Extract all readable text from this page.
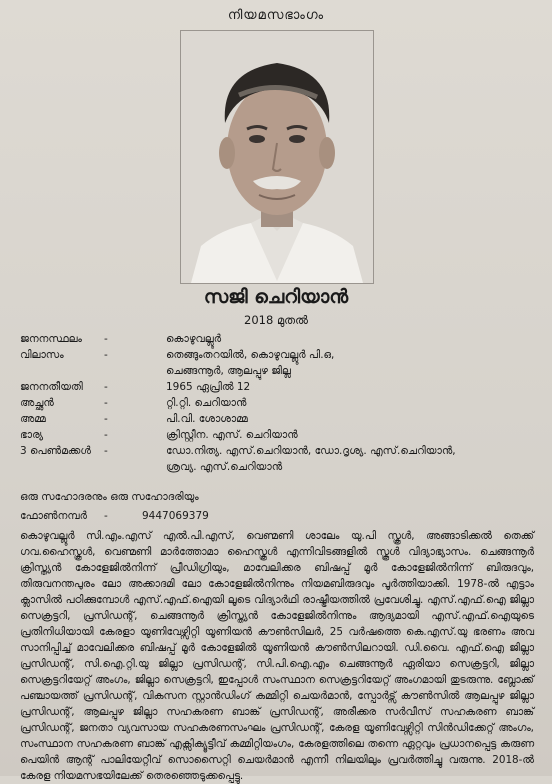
നിയമസഭാംഗം
സജി ചെറിയാൻ
2018 മുതൽ
ജനനസ്ഥലം -	കൊഴുവല്ലൂർ
വിലാസം	-	തെങ്ങുംതറയിൽ, കൊഴുവല്ലൂർ പി.ഒ,
ചെങ്ങന്നൂർ, ആലപ്പുഴ ജില്ല
ജനനതീയതി -	1965 ഏപ്രിൽ 12
അച്ഛൻ	-	റ്റി.റ്റി. ചെറിയാൻ
അമ്മ	-	പി.വി. ശോശാമ്മ
ഭാര്യ	-	ക്രിസ്റ്റീന. എസ്. ചെറിയാൻ
3 പെൺമക്കൾ -	ഡോ.നിത്യ. എസ്.ചെറിയാൻ, ഡോ.ദൃശ്യ. എസ്.ചെറിയാൻ,
ശ്രവ്യ. എസ്.ചെറിയാൻ
ഒരു സഹോദരനും ഒരു സഹോദരിയും
ഫോൺനമ്പർ -	9447069379
കൊഴുവല്ലൂർ സി.എം.എസ് എൽ.പി.എസ്, വെണ്മണി ശാലേം യു.പി സ്കൂൾ, അങ്ങാടിക്കൽ തെക്ക് ഗവ.ഹൈസ്കൂൾ, വെണ്മണി മാർത്തോമാ ഹൈസ്കൂൾ എന്നിവിടങ്ങളിൽ സ്കൂൾ വിദ്യാഭ്യാസം. ചെങ്ങന്നൂർ ക്രിസ്ത്യൻ കോളേജിൽനിന്ന് പ്രീഡിഗ്രിയും, മാവേലിക്കര ബിഷപ്പ് മൂർ കോളേജിൽനിന്ന് ബിരുദവും, തിരുവനന്തപുരം ലോ അക്കാദമി ലോ കോളേജിൽനിന്നും നിയമബിരുദവും പൂർത്തിയാക്കി. 1978-ൽ എട്ടാം ക്ലാസിൽ പഠിക്കുമ്പോൾ എസ്.എഫ്.ഐയി ലൂടെ വിദ്യാർഥി രാഷ്ട്രീയത്തിൽ പ്രവേശിച്ചു. എസ്.എഫ്.ഐ ജില്ലാ സെക്രട്ടറി, പ്രസിഡന്റ്, ചെങ്ങന്നൂർ ക്രിസ്ത്യൻ കോളേജിൽനിന്നും ആദ്യമായി എസ്.എഫ്.ഐയുടെ പ്രതിനിധിയായി കേരളാ യൂണിവേഴ്സിറ്റി യൂണിയൻ കൗൺസിലർ, 25 വർഷത്തെ കെ.എസ്.യു ഭരണം അവ സാനിപ്പിച്ച് മാവേലിക്കര ബിഷപ്പ് മൂർ കോളേജിൽ യൂണിയൻ കൗൺസിലറായി. ഡി.വൈ. എഫ്.ഐ ജില്ലാ പ്രസിഡന്റ്, സി.ഐ.റ്റി.യു ജില്ലാ പ്രസിഡന്റ്, സി.പി.ഐ.എം ചെങ്ങന്നൂർ ഏരിയാ സെക്രട്ടറി, ജില്ലാ സെക്രട്ടറിയേറ്റ് അംഗം, ജില്ലാ സെക്രട്ടറി, ഇപ്പോൾ സംസ്ഥാന സെക്രട്ടറിയേറ്റ് അംഗമായി തുടരുന്നു. ബ്ലോക്ക് പഞ്ചായത്ത് പ്രസിഡന്റ്, വികസന സ്റ്റാൻഡിംഗ് കമ്മിറ്റി ചെയർമാൻ, സ്പോർട്സ് കൗൺസിൽ ആലപ്പുഴ ജില്ലാ പ്രസിഡന്റ്, ആലപ്പുഴ ജില്ലാ സഹകരണ ബാങ്ക് പ്രസിഡന്റ്, അരീക്കര സർവീസ് സഹകരണ ബാങ്ക് പ്രസിഡന്റ്, ജനതാ വ്യവസായ സഹകരണസംഘം പ്രസിഡന്റ്, കേരള യൂണിവേഴ്സിറ്റി സിൻഡിക്കേറ്റ് അംഗം, സംസ്ഥാന സഹകരണ ബാങ്ക് എക്സിക്യൂട്ടീവ് കമ്മിറ്റിയംഗം, കേരളത്തിലെ തന്നെ ഏറ്റവും പ്രധാനപ്പെട്ട കരുണ പെയിൻ ആന്റ് പാലിയേറ്റീവ് സൊസൈറ്റി ചെയർമാൻ എന്നീ നിലയിലും പ്രവർത്തിച്ചു വരുന്നു. 2018-ൽ കേരള നിയമസഭയിലേക്ക് തെരഞ്ഞെടുക്കപ്പെട്ടു.
